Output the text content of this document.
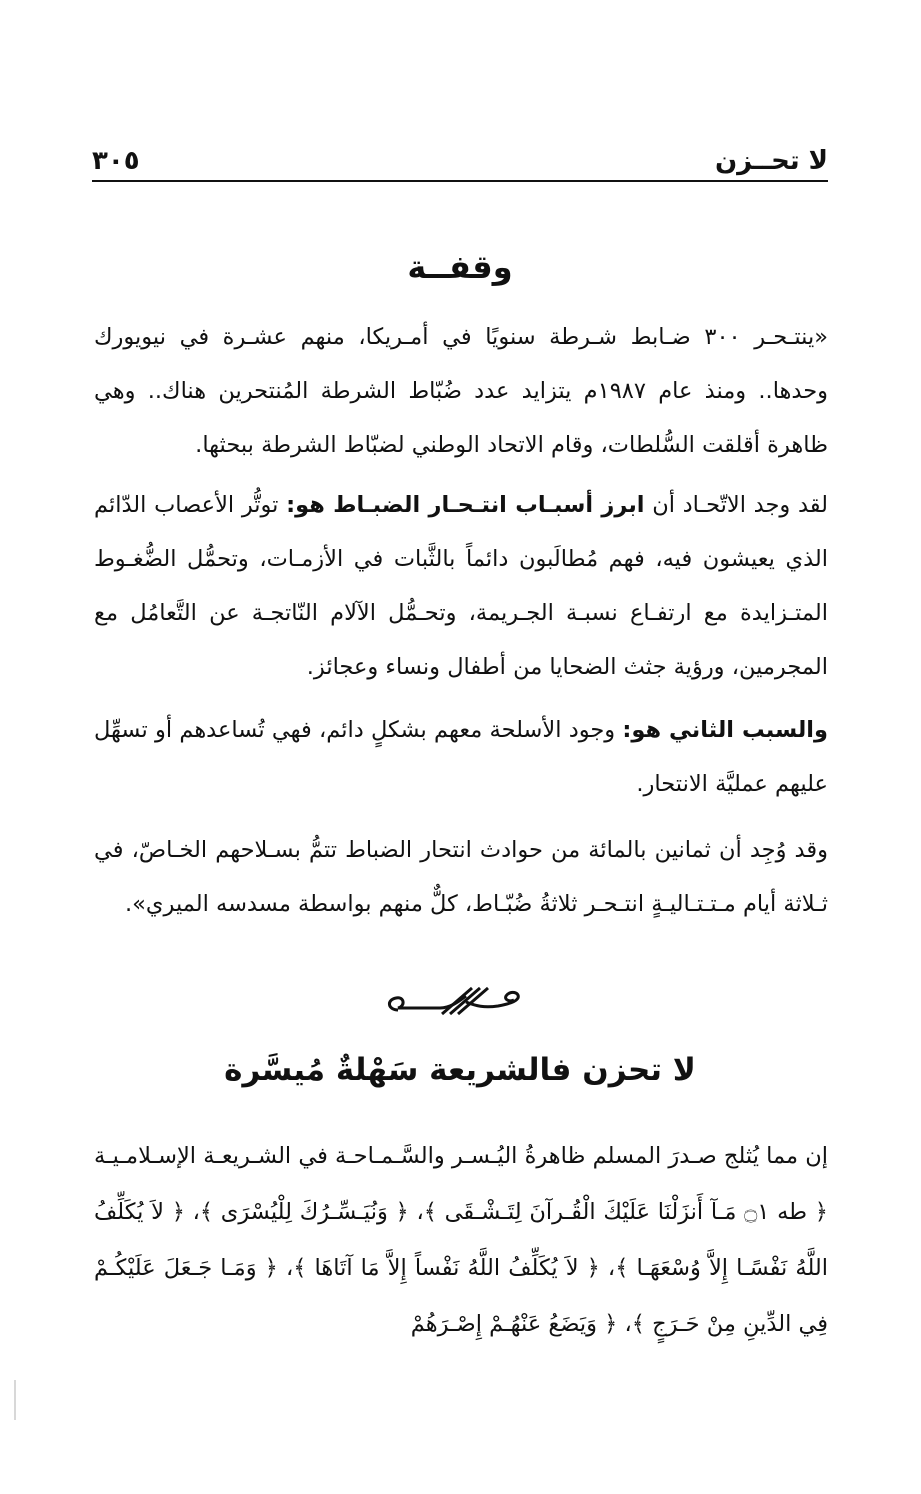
لا تحــزن
٣٠٥
وقفــة

«ينتـحـر ٣٠٠ ضـابط شـرطة سنويًا في أمـريكا، منهم عشـرة في نيويورك وحدها.. ومنذ عام ١٩٨٧م يتزايد عدد ضُبّاط الشرطة المُنتحرين هناك.. وهي ظاهرة أقلقت السُّلطات، وقام الاتحاد الوطني لضبّاط الشرطة ببحثها.

لقد وجد الاتّحـاد أن ابرز أسبـاب انتـحـار الضبـاط هو: توتُّر الأعصاب الدّائم الذي يعيشون فيه، فهم مُطالَبون دائماً بالثَّبات في الأزمـات، وتحمُّل الضُّغـوط المتـزايدة مع ارتفـاع نسبـة الجـريمة، وتحـمُّل الآلام النّاتجـة عن التَّعامُل مع المجرمين، ورؤية جثث الضحايا من أطفال ونساء وعجائز.

والسبب الثاني هو: وجود الأسلحة معهم بشكلٍ دائم، فهي تُساعدهم أو تسهِّل عليهم عمليَّة الانتحار.

وقد وُجِد أن ثمانين بالمائة من حوادث انتحار الضباط تتمُّ بسـلاحهم الخـاصّ، في ثـلاثة أيام مـتـتـاليـةٍ انتـحـر ثلاثةُ ضُبّـاط، كلٌّ منهم بواسطة مسدسه الميري».

لا تحزن فالشريعة سَهْلةٌ مُيسَّرة

إن مما يُثلج صـدرَ المسلم ظاهرةُ اليُـسـر والسَّـمـاحـة في الشـريعـة الإسـلامـيـة ﴿ طه ۝١ مَـآ أَنزَلْنَا عَلَيْكَ الْقُـرآنَ لِتَـشْـقَى ﴾، ﴿ وَنُيَـسِّـرُكَ لِلْيُسْرَى ﴾، ﴿ لاَ يُكَلِّفُ اللَّهُ نَفْسًـا إِلاَّ وُسْعَهَـا ﴾، ﴿ لاَ يُكَلِّفُ اللَّهُ نَفْساً إِلاَّ مَا آتَاهَا ﴾، ﴿ وَمَـا جَـعَلَ عَلَيْكُـمْ فِي الدِّينِ مِنْ حَـرَجٍ ﴾، ﴿ وَيَضَعُ عَنْهُـمْ إِصْـرَهُمْ
